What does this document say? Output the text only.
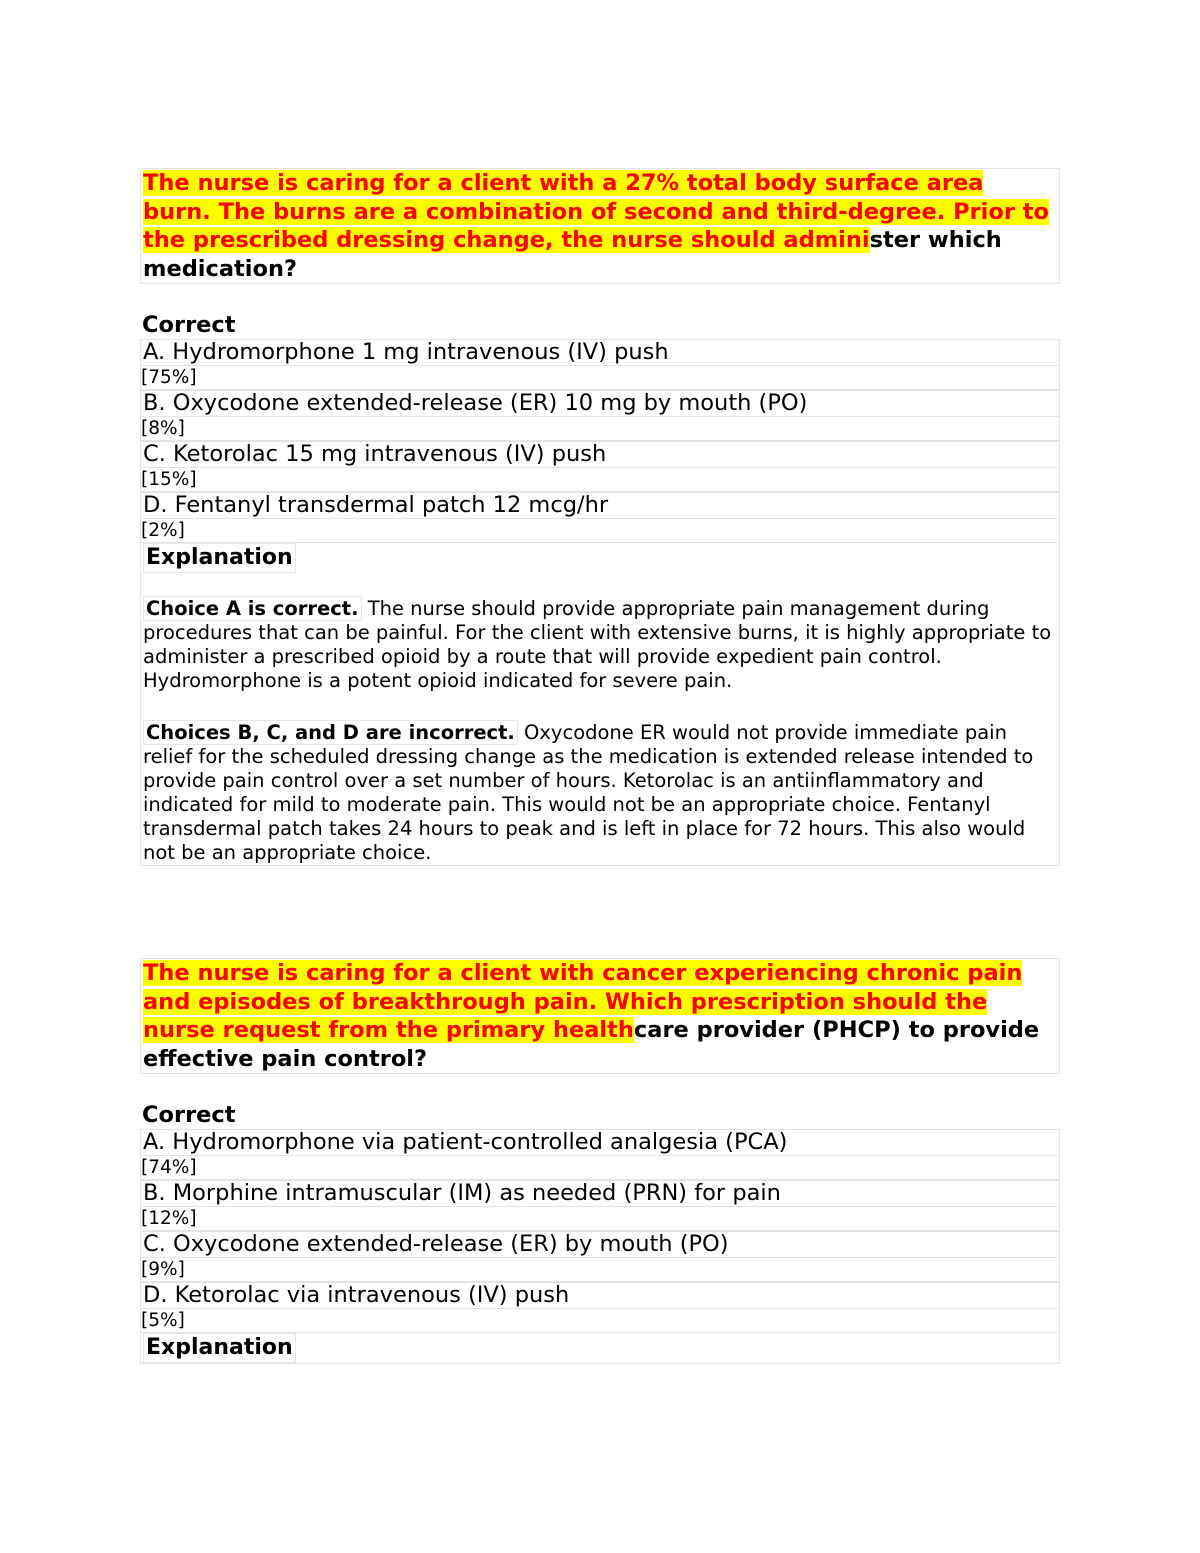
The nurse is caring for a client with a 27% total body surface area burn. The burns are a combination of second and third-degree. Prior to the prescribed dressing change, the nurse should administer which medication?
Correct
A. Hydromorphone 1 mg intravenous (IV) push
[75%]
B. Oxycodone extended-release (ER) 10 mg by mouth (PO)
[8%]
C. Ketorolac 15 mg intravenous (IV) push
[15%]
D. Fentanyl transdermal patch 12 mcg/hr
[2%]
Explanation

Choice A is correct. The nurse should provide appropriate pain management during procedures that can be painful. For the client with extensive burns, it is highly appropriate to administer a prescribed opioid by a route that will provide expedient pain control. Hydromorphone is a potent opioid indicated for severe pain.

Choices B, C, and D are incorrect. Oxycodone ER would not provide immediate pain relief for the scheduled dressing change as the medication is extended release intended to provide pain control over a set number of hours. Ketorolac is an antiinflammatory and indicated for mild to moderate pain. This would not be an appropriate choice. Fentanyl transdermal patch takes 24 hours to peak and is left in place for 72 hours. This also would not be an appropriate choice.

The nurse is caring for a client with cancer experiencing chronic pain and episodes of breakthrough pain. Which prescription should the nurse request from the primary healthcare provider (PHCP) to provide effective pain control?
Correct
A. Hydromorphone via patient-controlled analgesia (PCA)
[74%]
B. Morphine intramuscular (IM) as needed (PRN) for pain
[12%]
C. Oxycodone extended-release (ER) by mouth (PO)
[9%]
D. Ketorolac via intravenous (IV) push
[5%]
Explanation
